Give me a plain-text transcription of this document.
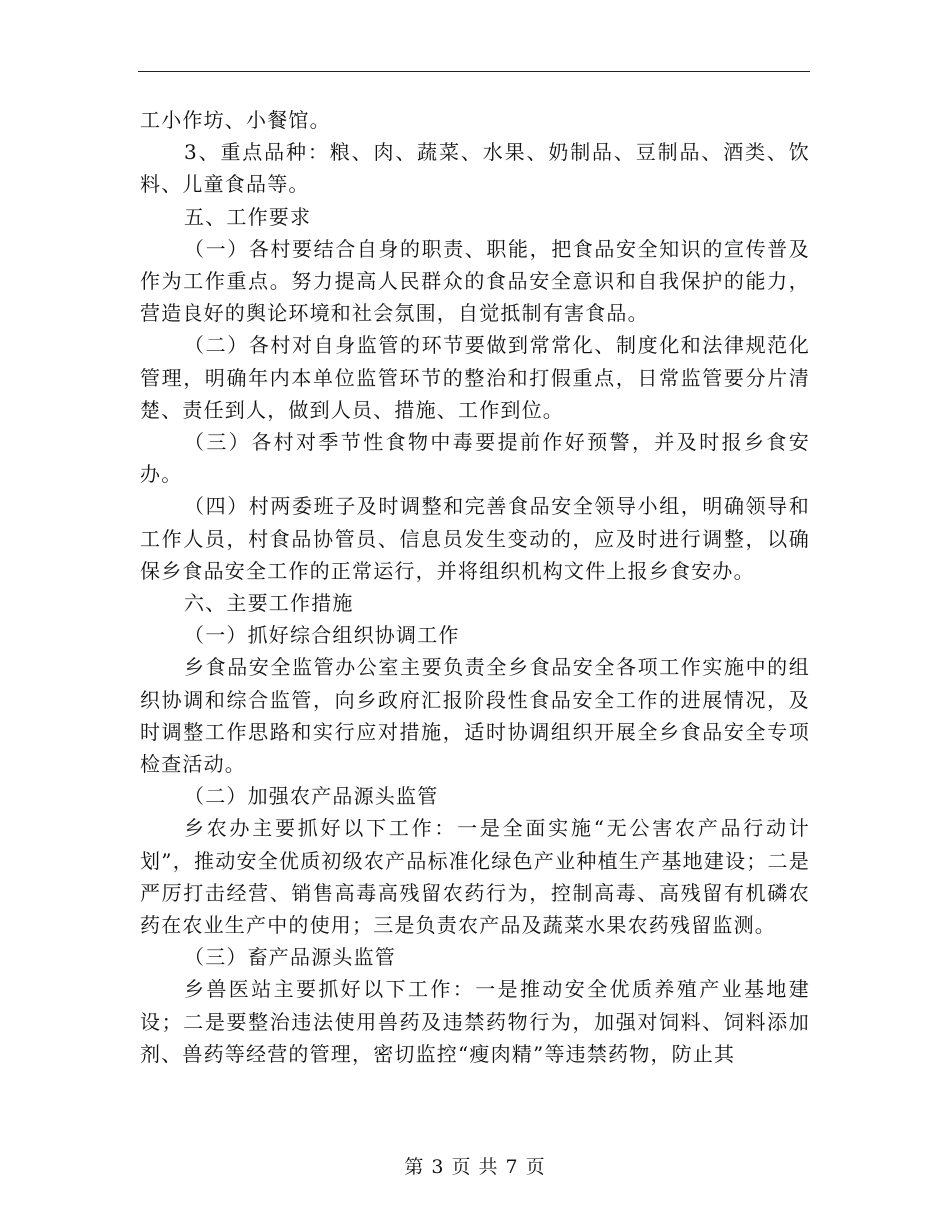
工小作坊、小餐馆。

3、重点品种：粮、肉、蔬菜、水果、奶制品、豆制品、酒类、饮料、儿童食品等。

五、工作要求

（一）各村要结合自身的职责、职能，把食品安全知识的宣传普及作为工作重点。努力提高人民群众的食品安全意识和自我保护的能力，营造良好的舆论环境和社会氛围，自觉抵制有害食品。

（二）各村对自身监管的环节要做到常常化、制度化和法律规范化管理，明确年内本单位监管环节的整治和打假重点，日常监管要分片清楚、责任到人，做到人员、措施、工作到位。

（三）各村对季节性食物中毒要提前作好预警，并及时报乡食安办。

（四）村两委班子及时调整和完善食品安全领导小组，明确领导和工作人员，村食品协管员、信息员发生变动的，应及时进行调整，以确保乡食品安全工作的正常运行，并将组织机构文件上报乡食安办。

六、主要工作措施

（一）抓好综合组织协调工作

乡食品安全监管办公室主要负责全乡食品安全各项工作实施中的组织协调和综合监管，向乡政府汇报阶段性食品安全工作的进展情况，及时调整工作思路和实行应对措施，适时协调组织开展全乡食品安全专项检查活动。

（二）加强农产品源头监管

乡农办主要抓好以下工作：一是全面实施“无公害农产品行动计划”，推动安全优质初级农产品标准化绿色产业种植生产基地建设；二是严厉打击经营、销售高毒高残留农药行为，控制高毒、高残留有机磷农药在农业生产中的使用；三是负责农产品及蔬菜水果农药残留监测。

（三）畜产品源头监管

乡兽医站主要抓好以下工作：一是推动安全优质养殖产业基地建设；二是要整治违法使用兽药及违禁药物行为，加强对饲料、饲料添加剂、兽药等经营的管理，密切监控“瘦肉精”等违禁药物，防止其

第 3 页 共 7 页
